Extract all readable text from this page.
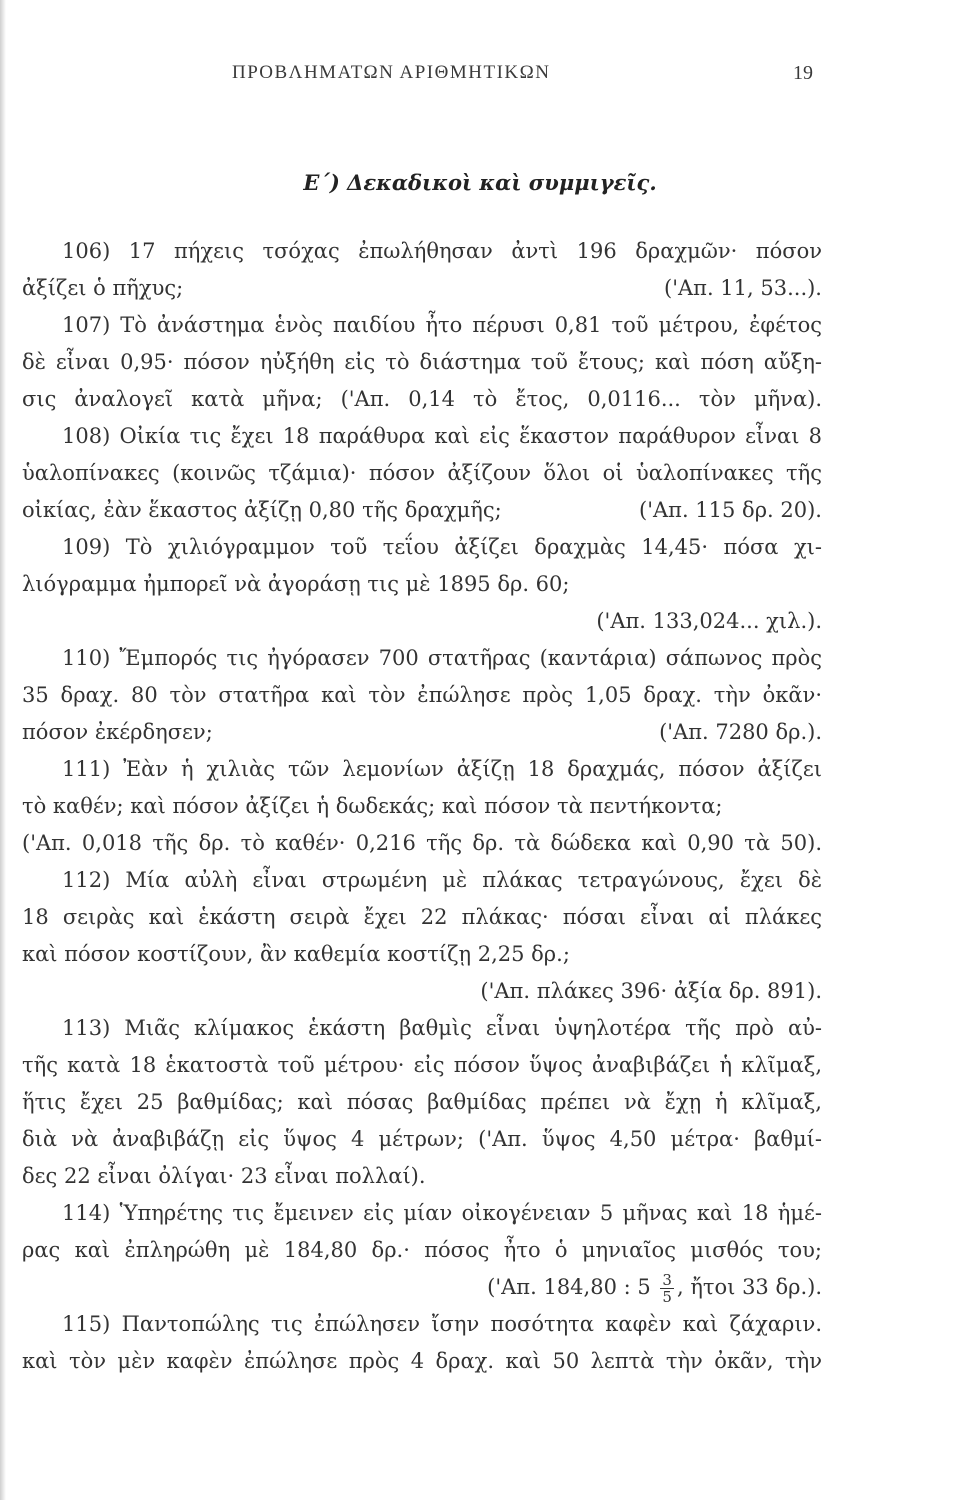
ΠΡΟΒΛΗΜΑΤΩΝ ΑΡΙΘΜΗΤΙΚΩΝ	19
Ε΄) Δεκαδικοὶ καὶ συμμιγεῖς.
106) 17 πήχεις τσόχας ἐπωλήθησαν ἀντὶ 196 δραχμῶν· πόσον
ἀξίζει ὁ πῆχυς;	('Απ. 11, 53...).
107) Τὸ ἀνάστημα ἑνὸς παιδίου ἦτο πέρυσι 0,81 τοῦ μέτρου, ἐφέτος
δὲ εἶναι 0,95· πόσον ηὐξήθη εἰς τὸ διάστημα τοῦ ἔτους; καὶ πόση αὔξη-
σις ἀναλογεῖ κατὰ μῆνα; ('Απ. 0,14 τὸ ἔτος, 0,0116... τὸν μῆνα).
108) Οἰκία τις ἔχει 18 παράθυρα καὶ εἰς ἕκαστον παράθυρον εἶναι 8
ὑαλοπίνακες (κοινῶς τζάμια)· πόσον ἀξίζουν ὅλοι οἱ ὑαλοπίνακες τῆς
οἰκίας, ἐὰν ἕκαστος ἀξίζῃ 0,80 τῆς δραχμῆς;	('Απ. 115 δρ. 20).
109) Τὸ χιλιόγραμμον τοῦ τεΐου ἀξίζει δραχμὰς 14,45· πόσα χι-
λιόγραμμα ἠμπορεῖ νὰ ἀγοράσῃ τις μὲ 1895 δρ. 60;
('Απ. 133,024... χιλ.).
110) Ἔμπορός τις ἠγόρασεν 700 στατῆρας (καντάρια) σάπωνος πρὸς
35 δραχ. 80 τὸν στατῆρα καὶ τὸν ἐπώλησε πρὸς 1,05 δραχ. τὴν ὀκᾶν·
πόσον ἐκέρδησεν;	('Απ. 7280 δρ.).
111) Ἐὰν ἡ χιλιὰς τῶν λεμονίων ἀξίζῃ 18 δραχμάς, πόσον ἀξίζει
τὸ καθέν; καὶ πόσον ἀξίζει ἡ δωδεκάς; καὶ πόσον τὰ πεντήκοντα;
('Απ. 0,018 τῆς δρ. τὸ καθέν· 0,216 τῆς δρ. τὰ δώδεκα καὶ 0,90 τὰ 50).
112) Μία αὐλὴ εἶναι στρωμένη μὲ πλάκας τετραγώνους, ἔχει δὲ
18 σειρὰς καὶ ἑκάστη σειρὰ ἔχει 22 πλάκας· πόσαι εἶναι αἱ πλάκες
καὶ πόσον κοστίζουν, ἂν καθεμία κοστίζῃ 2,25 δρ.;
('Απ. πλάκες 396· ἀξία δρ. 891).
113) Μιᾶς κλίμακος ἑκάστη βαθμὶς εἶναι ὑψηλοτέρα τῆς πρὸ αὐ-
τῆς κατὰ 18 ἑκατοστὰ τοῦ μέτρου· εἰς πόσον ὕψος ἀναβιβάζει ἡ κλῖμαξ,
ἥτις ἔχει 25 βαθμίδας; καὶ πόσας βαθμίδας πρέπει νὰ ἔχῃ ἡ κλῖμαξ,
διὰ νὰ ἀναβιβάζῃ εἰς ὕψος 4 μέτρων; ('Απ. ὕψος 4,50 μέτρα· βαθμί-
δες 22 εἶναι ὀλίγαι· 23 εἶναι πολλαί).
114) Ὑπηρέτης τις ἔμεινεν εἰς μίαν οἰκογένειαν 5 μῆνας καὶ 18 ἡμέ-
ρας καὶ ἐπληρώθη μὲ 184,80 δρ.· πόσος ἦτο ὁ μηνιαῖος μισθός του;
('Απ. 184,80 : $5 \frac{3}{5}$ , ἤτοι 33 δρ.).
115) Παντοπώλης τις ἐπώλησεν ἴσην ποσότητα καφὲν καὶ ζάχαριν.
καὶ τὸν μὲν καφὲν ἐπώλησε πρὸς 4 δραχ. καὶ 50 λεπτὰ τὴν ὀκᾶν, τὴν
